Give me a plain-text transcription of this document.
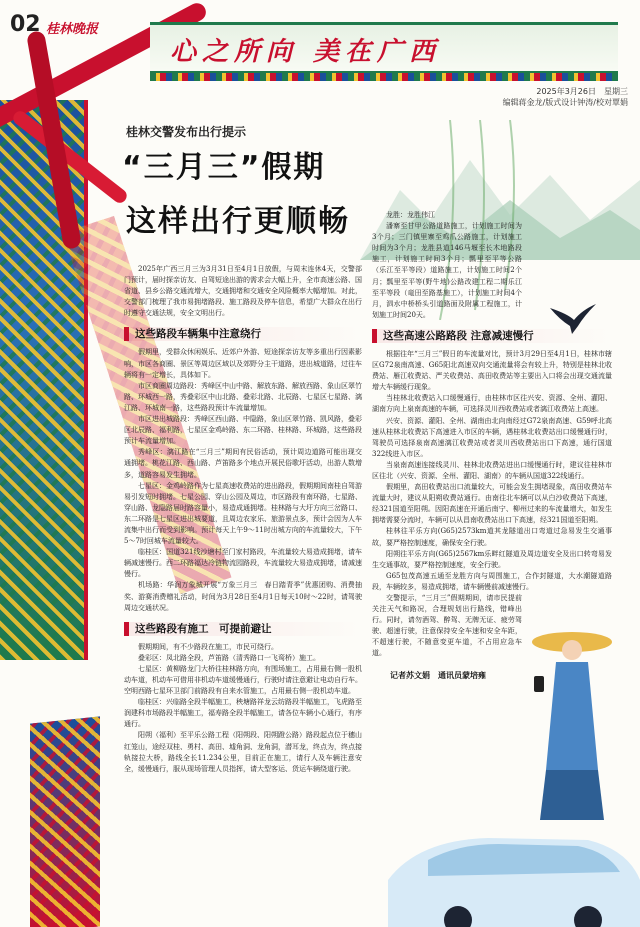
02 桂林晚报
心之所向 美在广西
2025年3月26日　星期三
编辑蒋金龙/版式设计钟涛/校对覃娟
桂林交警发布出行提示
“三月三”假期
这样出行更顺畅

2025年广西三月三为3月31日至4月1日放假，与周末连休4天，交警部门预计，届时探亲访友、自驾短途出游的需求会大幅上升，全市高速公路、国省道、县乡公路交通流增大，交通拥堵和交通安全风险概率大幅增加。对此，交警部门梳理了我市易拥堵路段、施工路段及停车信息，希望广大群众在出行时遵守交通法规，安全文明出行。

这些路段车辆集中注意绕行

假期里，受群众休闲娱乐、近郊户外游、短途探亲访友等多重出行因素影响，市区各商圈、景区等周边区域以及郊野分主干道路，进出城道路，过往车辆将有一定增长，具体如下。

市区商圈周边路段：秀峰区中山中路、解放东路、解放西路、象山区翠竹路、环城西一路，秀叠彩区中山北路、叠彩北路、北辰路、七星区七星路、漓江路、环城南一路，这些路段预计车流量增加。

市区进出城路段：秀峰区西山路、中隐路，象山区翠竹路、凯风路，叠彩区北辰路、福利路，七星区金鸡岭路、东二环路、桂林路、环城路，这些路段预计车流量增加。

秀峰区：漓江路在“三月三”期间有民俗活动，预计周边道路可能出现交通拥堵。桃花江路、西山路、芦笛路多个地点开展民俗歌圩活动，出游人数增多，道路容易发生拥堵。

七星区：金鸡岭路作为七星高速收费站的进出路段，假期期间南桂自驾游易引发短时拥堵。七星公园、穿山公园及周边，市区路段有南环路，七星路、穿山路、龙隐路届时路容量小，易造成通拥堵。桂林路与大圩方向三岔路口、东二环路是七星区进出城要道，且周边农家乐、旅游景点多，预计会因为人车流集中出行而受到影响。预计每天上午9～11时出城方向的车流量较大，下午5～7时回城车流量较大。

临桂区：国道321线沙塘村至门家村路段，车流量较大易造成拥堵，请车辆减速慢行。西二环路福达冷链物流园路段，车流量较大易造成拥堵，请减速慢行。

机场路：华润万象城开展“万象三月三　春日踏青季”优惠团购、消费抽奖、游赛消费赠礼活动，时间为3月28日至4月1日每天10时～22时，请驾驶周边交通状况。

这些路段有施工　可提前避让

假期期间，有不少路段在施工，市民可绕行。

叠彩区：凤北路全段，芦笛路（清秀路口一飞鸾桥）施工。

七星区：黄柳路龙门大桥往桂林路方向，有围场施工，占用最右侧一股机动车道，机动车可借用非机动车道缓慢通行，行驶时请注意避让电动自行车。空明西路七星环卫部门前路段有自来水管施工，占用最右侧一股机动车道。

临桂区：兴临路全段半幅施工，秧塘路祥龙云纺路段半幅施工，飞虎路至润建科市场路段半幅施工，福寿路全段半幅施工，请各位车辆小心通行，有序通行。

阳朔（福利）至平乐公路工程（阳朔段、阳朔蹬公路）路段起点位于穗山红笼山，途经双桂、勇村、高田、墟角洞、龙角洞，潜耳龙，终点为，终点接轨接拉大桥，路线全长11.234公里，目前正在施工，请行人及车辆注意安全，缓慢通行，服从现场管理人员指挥，请大型客运、货运车辆绕道行驶。

龙胜：龙胜伟江

潘寨至甘甲公路道路施工，计划施工时间为3个月；三门镇里寨至鸡爪公路施工，计划施工时间为3个月；龙胜县道146马堰至长木地路段施工，计划施工时间3个月；瓢里至平等公路（乐江至平等段）道路施工，计划施工时间2个月；瓢里至平等(野牛地)公路改建工程二期乐江至平等段（竜田至路基施工），计划施工时间4个月，泗水中桥桥头引道路面及附属工程施工，计划施工时间20天。

这些高速公路路段 注意减速慢行

根据往年“三月三”假日的车流量对比，预计3月29日至4月1日，桂林市辖区G72泉南高速、G65阳北高速双向交通流量将会有较上升，特别是桂林北收费站、雁江收费站、严关收费站、高田收费站等主要出入口将会出现交通流量增大车辆缓行现象。

当桂林北收费站入口缓慢通行，由桂林市区往兴安、资源、全州、灌阳、湖南方向上泉南高速的车辆，可选择灵川西收费站或者漓江收费站上高速。

兴安、资源、灌阳、全州、湖南由北向南经过G72泉南高速、G59呼北高速从桂林北收费站下高速进入市区的车辆，遇桂林北收费站出口缓慢通行时，驾驶员可选择泉南高速漓江收费站或者灵川西收费站出口下高速，通行国道322线进入市区。

当泉南高速连接线灵川、桂林北收费站进出口缓慢通行时，建议往桂林市区往北（兴安、资源、全州、灌阳、湖南）的车辆从国道322线通行。

假期里，高田收费站出口流量较大，可能会发生拥堵现象，高田收费站车流量大时，建议从阳朔收费站通行。由南往北车辆可以从白沙收费站下高速，经321国道至阳朔。因阳高速在开通后南宁、柳州过来的车流量增大，如发生拥堵需要分流时，车辆可以从昌南收费站出口下高速，经321国道至阳朔。

桂林往平乐方向(G65)2573km道其龙隧道出口弯道过急易发生交通事故，要严格控制速度，确保安全行驶。

阳朔往平乐方向(G65)2567km乐畔红隧道及周边道安全及出口转弯易发生交通事故，要严格控制速度，安全行驶。

G65包茂高速五通至龙胜方向与周围施工，合作封隧道，大水潮隧道路段，车辆较多，易造成拥堵，请车辆慢前减速慢行。

交警提示，“三月三”假期期间，请市民提前关注天气和路况，合理规划出行路线，错峰出行。同时，请勿酒驾、醉驾、无牌无证、疲劳驾驶、超速行驶，注意保持安全车速和安全车距，不超速行驶，不随意变更车道，不占用应急车道。

记者苏文娟　通讯员蒙培雍
